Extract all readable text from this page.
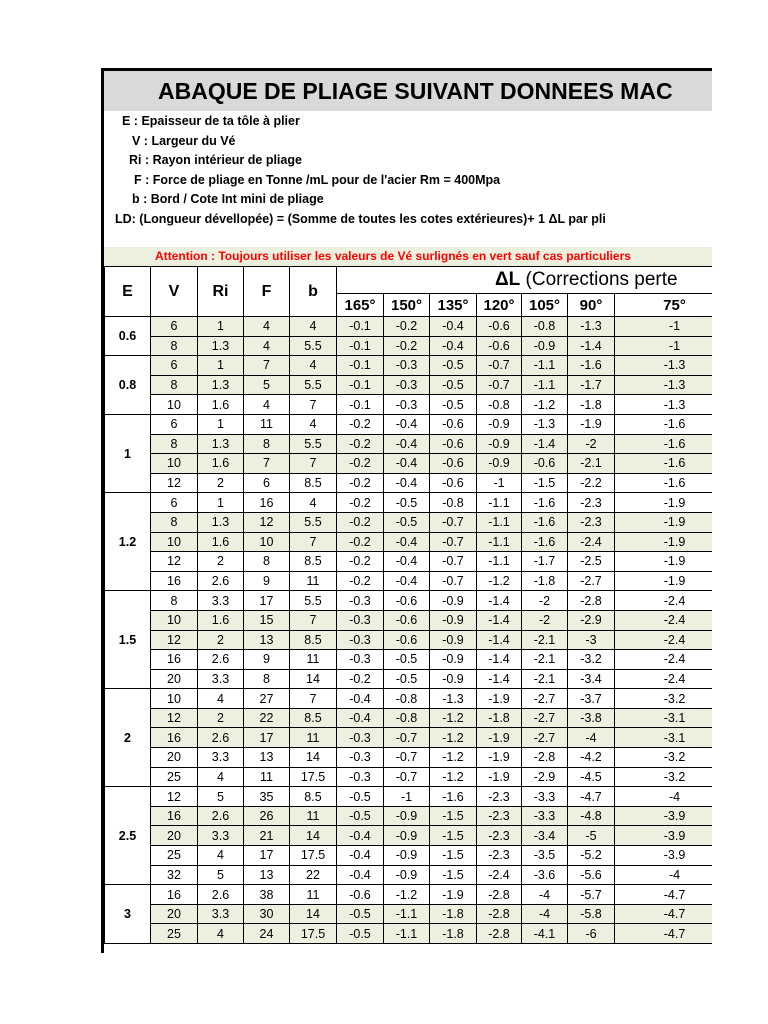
ABAQUE DE PLIAGE SUIVANT DONNEES MAC
E : Epaisseur de ta tôle à plier
V : Largeur du Vé
Ri : Rayon intérieur de pliage
F : Force de pliage en Tonne /mL pour de l'acier Rm = 400Mpa
b : Bord / Cote Int mini de pliage
LD: (Longueur dévellopée) = (Somme de toutes les cotes extérieures)+ 1 ΔL par pli
Attention : Toujours utiliser les valeurs de Vé surlignés en vert sauf cas particuliers
E	V	Ri	F	b	ΔL (Corrections perte						
					165°	150°	135°	120°	105°	90°	75°
0.6	6	1	4	4	-0.1	-0.2	-0.4	-0.6	-0.8	-1.3	-1
	8	1.3	4	5.5	-0.1	-0.2	-0.4	-0.6	-0.9	-1.4	-1
0.8	6	1	7	4	-0.1	-0.3	-0.5	-0.7	-1.1	-1.6	-1.3
	8	1.3	5	5.5	-0.1	-0.3	-0.5	-0.7	-1.1	-1.7	-1.3
	10	1.6	4	7	-0.1	-0.3	-0.5	-0.8	-1.2	-1.8	-1.3
1	6	1	11	4	-0.2	-0.4	-0.6	-0.9	-1.3	-1.9	-1.6
	8	1.3	8	5.5	-0.2	-0.4	-0.6	-0.9	-1.4	-2	-1.6
	10	1.6	7	7	-0.2	-0.4	-0.6	-0.9	-0.6	-2.1	-1.6
	12	2	6	8.5	-0.2	-0.4	-0.6	-1	-1.5	-2.2	-1.6
1.2	6	1	16	4	-0.2	-0.5	-0.8	-1.1	-1.6	-2.3	-1.9
	8	1.3	12	5.5	-0.2	-0.5	-0.7	-1.1	-1.6	-2.3	-1.9
	10	1.6	10	7	-0.2	-0.4	-0.7	-1.1	-1.6	-2.4	-1.9
	12	2	8	8.5	-0.2	-0.4	-0.7	-1.1	-1.7	-2.5	-1.9
	16	2.6	9	11	-0.2	-0.4	-0.7	-1.2	-1.8	-2.7	-1.9
1.5	8	3.3	17	5.5	-0.3	-0.6	-0.9	-1.4	-2	-2.8	-2.4
	10	1.6	15	7	-0.3	-0.6	-0.9	-1.4	-2	-2.9	-2.4
	12	2	13	8.5	-0.3	-0.6	-0.9	-1.4	-2.1	-3	-2.4
	16	2.6	9	11	-0.3	-0.5	-0.9	-1.4	-2.1	-3.2	-2.4
	20	3.3	8	14	-0.2	-0.5	-0.9	-1.4	-2.1	-3.4	-2.4
2	10	4	27	7	-0.4	-0.8	-1.3	-1.9	-2.7	-3.7	-3.2
	12	2	22	8.5	-0.4	-0.8	-1.2	-1.8	-2.7	-3.8	-3.1
	16	2.6	17	11	-0.3	-0.7	-1.2	-1.9	-2.7	-4	-3.1
	20	3.3	13	14	-0.3	-0.7	-1.2	-1.9	-2.8	-4.2	-3.2
	25	4	11	17.5	-0.3	-0.7	-1.2	-1.9	-2.9	-4.5	-3.2
2.5	12	5	35	8.5	-0.5	-1	-1.6	-2.3	-3.3	-4.7	-4
	16	2.6	26	11	-0.5	-0.9	-1.5	-2.3	-3.3	-4.8	-3.9
	20	3.3	21	14	-0.4	-0.9	-1.5	-2.3	-3.4	-5	-3.9
	25	4	17	17.5	-0.4	-0.9	-1.5	-2.3	-3.5	-5.2	-3.9
	32	5	13	22	-0.4	-0.9	-1.5	-2.4	-3.6	-5.6	-4
3	16	2.6	38	11	-0.6	-1.2	-1.9	-2.8	-4	-5.7	-4.7
	20	3.3	30	14	-0.5	-1.1	-1.8	-2.8	-4	-5.8	-4.7
	25	4	24	17.5	-0.5	-1.1	-1.8	-2.8	-4.1	-6	-4.7
